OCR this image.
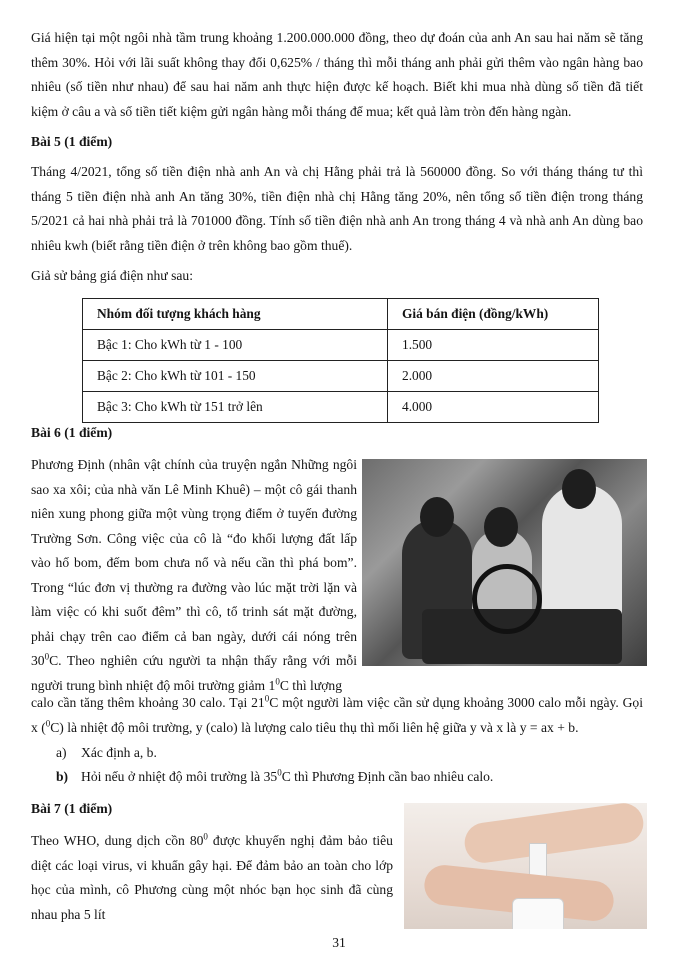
Giá hiện tại một ngôi nhà tầm trung khoảng 1.200.000.000 đồng, theo dự đoán của anh An sau hai năm sẽ tăng thêm 30%. Hỏi với lãi suất không thay đổi 0,625% / tháng thì mỗi tháng anh phải gửi thêm vào ngân hàng bao nhiêu (số tiền như nhau) để sau hai năm anh thực hiện được kế hoạch. Biết khi mua nhà dùng số tiền đã tiết kiệm ở câu a và số tiền tiết kiệm gửi ngân hàng mỗi tháng để mua; kết quả làm tròn đến hàng ngàn.

Bài 5 (1 điểm)

Tháng 4/2021, tổng số tiền điện nhà anh An và chị Hằng phải trả là 560000 đồng. So với tháng tháng tư thì tháng 5 tiền điện nhà anh An tăng 30%, tiền điện nhà chị Hằng tăng 20%, nên tổng số tiền điện trong tháng 5/2021 cả hai nhà phải trả là 701000 đồng. Tính số tiền điện nhà anh An trong tháng 4 và nhà anh An dùng bao nhiêu kwh (biết rằng tiền điện ở trên không bao gồm thuế).

Giả sử bảng giá điện như sau:

Nhóm đối tượng khách hàng	Giá bán điện (đồng/kWh)
Bậc 1: Cho kWh từ 1 - 100	1.500
Bậc 2: Cho kWh từ 101 - 150	2.000
Bậc 3: Cho kWh từ 151 trở lên	4.000
Bài 6 (1 điểm)

Phương Định (nhân vật chính của truyện ngắn Những ngôi sao xa xôi; của nhà văn Lê Minh Khuê) – một cô gái thanh niên xung phong giữa một vùng trọng điểm ở tuyến đường Trường Sơn. Công việc của cô là “đo khối lượng đất lấp vào hố bom, đếm bom chưa nổ và nếu cần thì phá bom”. Trong “lúc đơn vị thường ra đường vào lúc mặt trời lặn và làm việc có khi suốt đêm” thì cô, tổ trinh sát mặt đường, phải chạy trên cao điểm cả ban ngày, dưới cái nóng trên $30^0C$. Theo nghiên cứu người ta nhận thấy rằng với mỗi người trung bình nhiệt độ môi trường giảm $1^0C$ thì lượng

calo cần tăng thêm khoảng 30 calo. Tại $21^0C$ một người làm việc cần sử dụng khoảng 3000 calo mỗi ngày. Gọi x ($^0$C) là nhiệt độ môi trường, y (calo) là lượng calo tiêu thụ thì mối liên hệ giữa y và x là y = ax + b.

a) Xác định a, b.
b) Hỏi nếu ở nhiệt độ môi trường là $35^0C$ thì Phương Định cần bao nhiêu calo.
Bài 7 (1 điểm)

Theo WHO, dung dịch cồn $80^0$ được khuyến nghị đảm bảo tiêu diệt các loại virus, vi khuẩn gây hại. Để đảm bảo an toàn cho lớp học của mình, cô Phương cùng một nhóc bạn học sinh đã cùng nhau pha 5 lít

31
